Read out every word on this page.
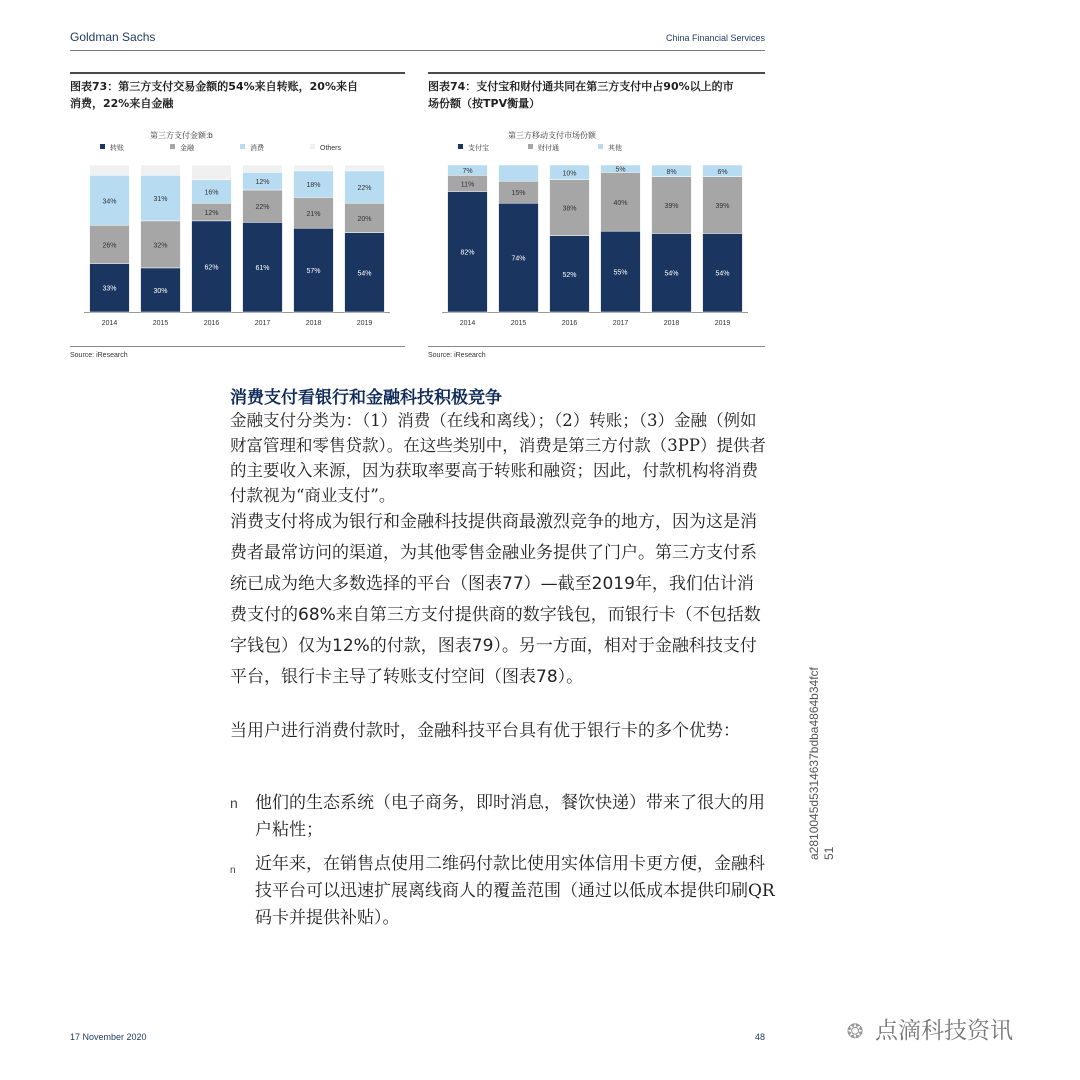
Goldman Sachs	China Financial Services
图表73：第三方支付交易金额的54%来自转账，20%来自
消费，22%来自金融
第三方支付金额:b
转账	金融	消费	Others
33%
26%
34%
2014
30%
32%
31%
2015
62%
12%
16%
2016
61%
22%
12%
2017
57%
21%
18%
2018
54%
20%
22%
2019
Source: iResearch
图表74：支付宝和财付通共同在第三方支付中占90%以上的市
场份额（按TPV衡量）
第三方移动支付市场份额
支付宝	财付通	其他
82%
11%
7%
2014
74%
15%
2015
52%
38%
10%
2016
55%
40%
5%
2017
54%
39%
8%
2018
54%
39%
6%
2019
Source: iResearch
消费支付看银行和金融科技积极竞争

金融支付分类为：（1）消费（在线和离线）；（2）转账；（3）金融（例如财富管理和零售贷款）。在这些类别中，消费是第三方付款（3PP）提供者的主要收入来源，因为获取率要高于转账和融资；因此，付款机构将消费付款视为“商业支付”。

消费支付将成为银行和金融科技提供商最激烈竞争的地方，因为这是消费者最常访问的渠道，为其他零售金融业务提供了门户。第三方支付系统已成为绝大多数选择的平台（图表77）—截至2019年，我们估计消费支付的68%来自第三方支付提供商的数字钱包，而银行卡（不包括数字钱包）仅为12%的付款，图表79）。另一方面，相对于金融科技支付平台，银行卡主导了转账支付空间（图表78）。

当用户进行消费付款时，金融科技平台具有优于银行卡的多个优势：

n	他们的生态系统（电子商务，即时消息，餐饮快递）带来了很大的用户粘性；
n	近年来，在销售点使用二维码付款比使用实体信用卡更方便，金融科技平台可以迅速扩展离线商人的覆盖范围（通过以低成本提供印刷QR码卡并提供补贴）。
a2810045d5314637bdba4864b34fcf 51
17 November 2020	48	❂ 点滴科技资讯
